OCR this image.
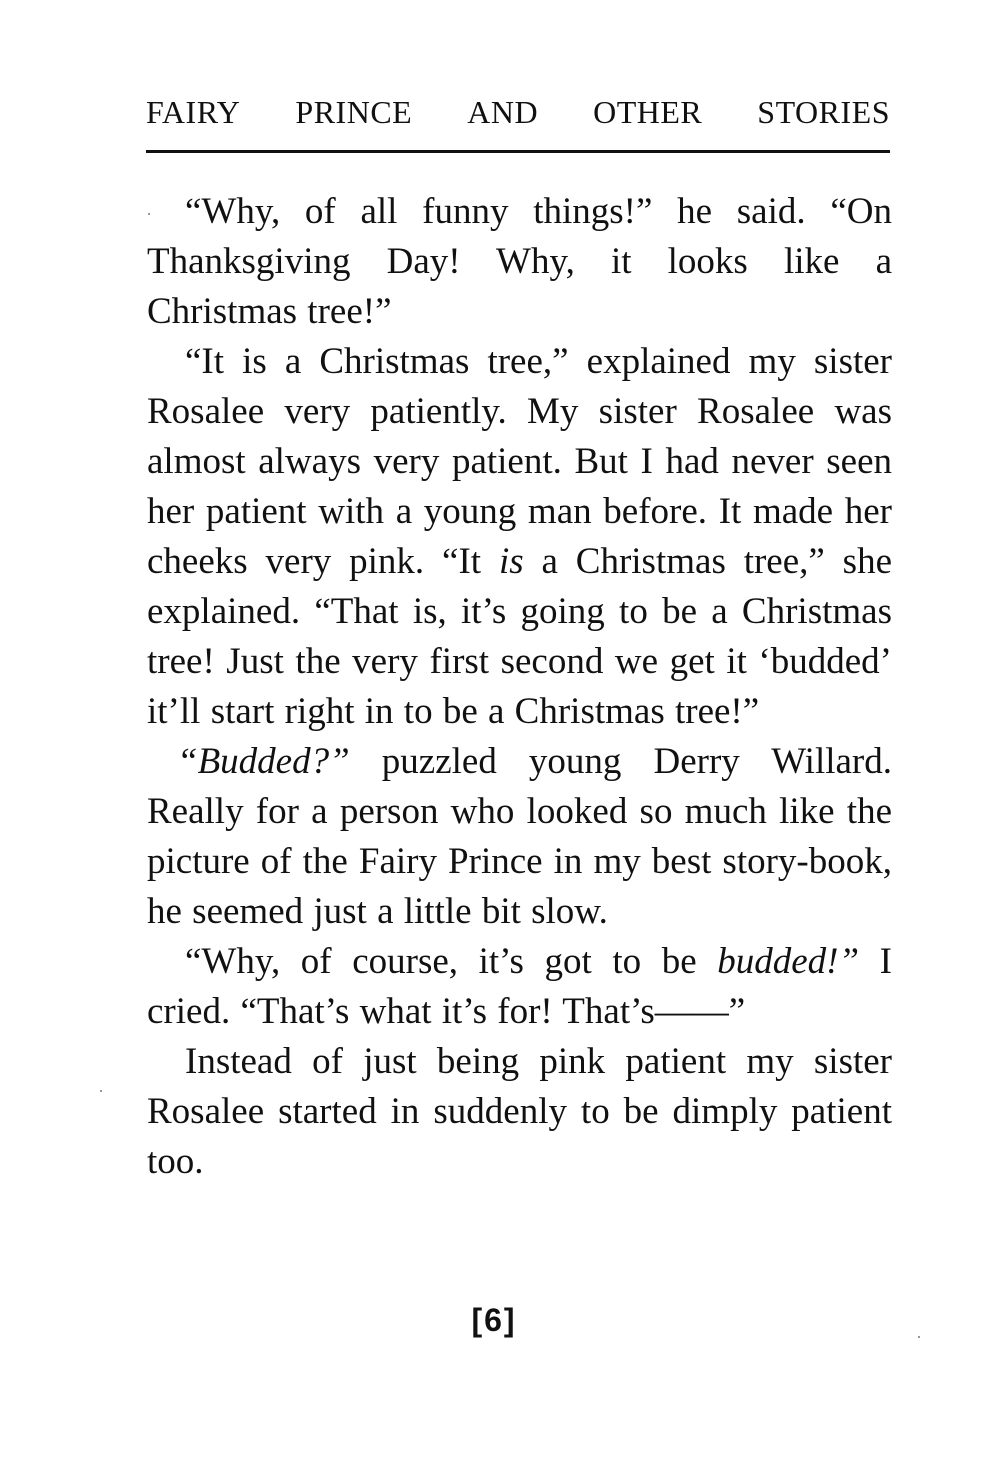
FAIRY PRINCE AND OTHER STORIES

“Why, of all funny things!” he said. “On Thanksgiving Day! Why, it looks like a Christmas tree!”

“It is a Christmas tree,” explained my sister Rosalee very patiently. My sister Rosalee was almost always very patient. But I had never seen her patient with a young man before. It made her cheeks very pink. “It is a Christmas tree,” she explained. “That is, it’s going to be a Christmas tree! Just the very first second we get it ‘budded’ it’ll start right in to be a Christmas tree!”

“Budded?” puzzled young Derry Willard. Really for a person who looked so much like the picture of the Fairy Prince in my best story-book, he seemed just a little bit slow.

“Why, of course, it’s got to be budded!” I cried. “That’s what it’s for! That’s——”

Instead of just being pink patient my sister Rosalee started in suddenly to be dimply patient too.

[6]
